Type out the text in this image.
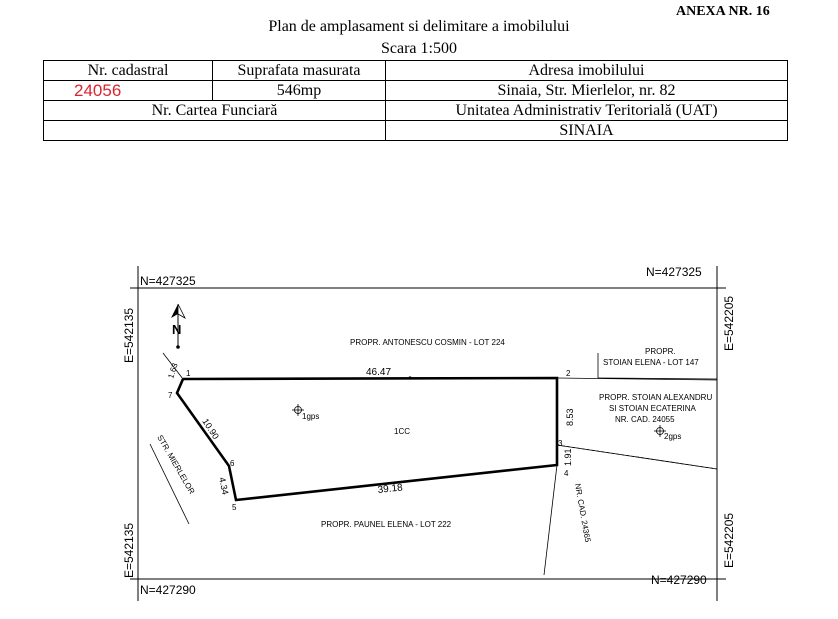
ANEXA NR. 16
Plan de amplasament si delimitare a imobilului
Scara 1:500
Nr. cadastral	Suprafata masurata	Adresa imobilului
24056	546mp	Sinaia, Str. Mierlelor, nr. 82
Nr. Cartea Funciară		Unitatea Administrativ Teritorială (UAT)
		SINAIA
N=427325
N=427325
N=427290
N=427290
E=542135
E=542135
E=542205
E=542205
N
1	2
3
4
5
6
7
46.47
8.53
1.91
39.18
4.34
10.90
1.63
PROPR. ANTONESCU COSMIN - LOT 224
PROPR.
STOIAN ELENA - LOT 147
PROPR. STOIAN ALEXANDRU
SI STOIAN ECATERINA
NR. CAD. 24055
PROPR. PAUNEL ELENA - LOT 222
STR. MIERLELOR
NR. CAD. 24365
1CC
1gps
2gps
